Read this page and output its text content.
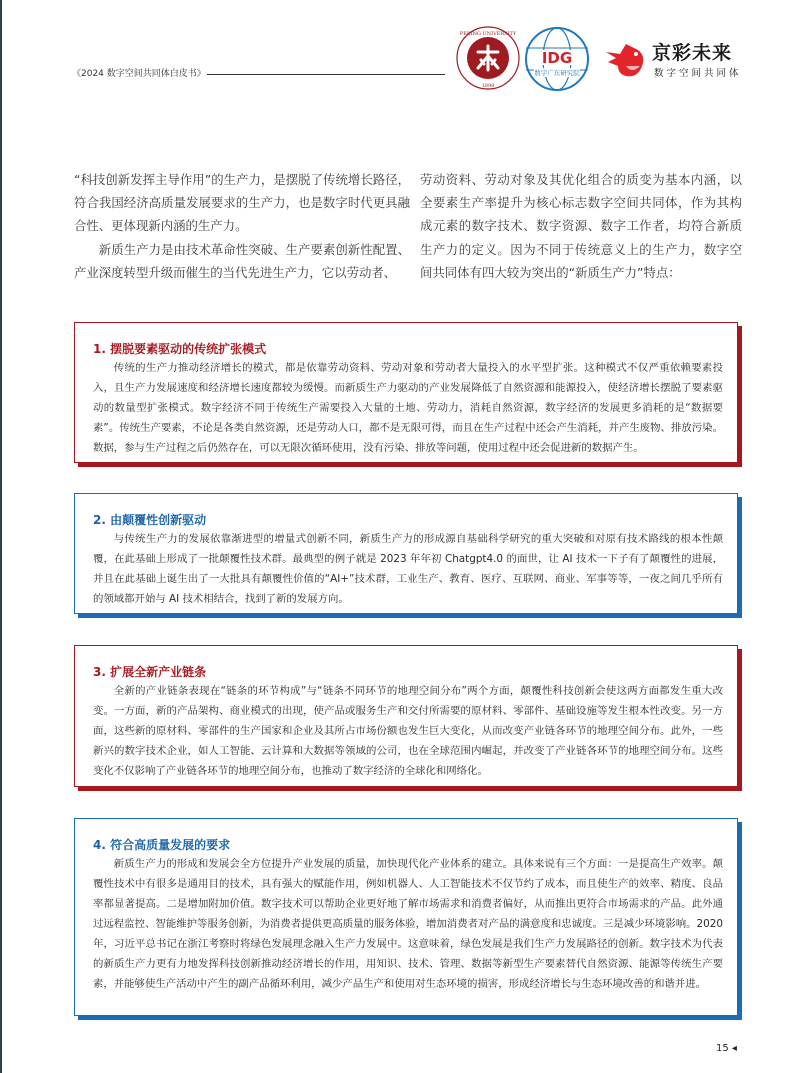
《2024 数字空间共同体白皮书》
PEKING UNIVERSITY
1898
IDG
数字广东研究院
京彩未来
数字空间共同体

“科技创新发挥主导作用”的生产力，是摆脱了传统增长路径，符合我国经济高质量发展要求的生产力，也是数字时代更具融合性、更体现新内涵的生产力。

新质生产力是由技术革命性突破、生产要素创新性配置、产业深度转型升级而催生的当代先进生产力，它以劳动者、

劳动资料、劳动对象及其优化组合的质变为基本内涵，以全要素生产率提升为核心标志数字空间共同体，作为其构成元素的数字技术、数字资源、数字工作者，均符合新质生产力的定义。因为不同于传统意义上的生产力，数字空间共同体有四大较为突出的“新质生产力”特点：

1. 摆脱要素驱动的传统扩张模式
传统的生产力推动经济增长的模式，都是依靠劳动资料、劳动对象和劳动者大量投入的水平型扩张。这种模式不仅严重依赖要素投入，且生产力发展速度和经济增长速度都较为缓慢。而新质生产力驱动的产业发展降低了自然资源和能源投入，使经济增长摆脱了要素驱动的数量型扩张模式。数字经济不同于传统生产需要投入大量的土地、劳动力，消耗自然资源，数字经济的发展更多消耗的是“数据要素”。传统生产要素，不论是各类自然资源，还是劳动人口，都不是无限可得，而且在生产过程中还会产生消耗，并产生废物、排放污染。数据，参与生产过程之后仍然存在，可以无限次循环使用，没有污染、排放等问题，使用过程中还会促进新的数据产生。
2. 由颠覆性创新驱动
与传统生产力的发展依靠渐进型的增量式创新不同，新质生产力的形成源自基础科学研究的重大突破和对原有技术路线的根本性颠覆，在此基础上形成了一批颠覆性技术群。最典型的例子就是 2023 年年初 Chatgpt4.0 的面世，让 AI 技术一下子有了颠覆性的进展，并且在此基础上诞生出了一大批具有颠覆性价值的“AI+”技术群，工业生产、教育、医疗、互联网、商业、军事等等，一夜之间几乎所有的领域都开始与 AI 技术相结合，找到了新的发展方向。
3. 扩展全新产业链条
全新的产业链条表现在“链条的环节构成”与“链条不同环节的地理空间分布”两个方面，颠覆性科技创新会使这两方面都发生重大改变。一方面，新的产品架构、商业模式的出现，使产品或服务生产和交付所需要的原材料、零部件、基础设施等发生根本性改变。另一方面，这些新的原材料、零部件的生产国家和企业及其所占市场份额也发生巨大变化，从而改变产业链各环节的地理空间分布。此外，一些新兴的数字技术企业，如人工智能、云计算和大数据等领域的公司，也在全球范围内崛起，并改变了产业链各环节的地理空间分布。这些变化不仅影响了产业链各环节的地理空间分布，也推动了数字经济的全球化和网络化。
4. 符合高质量发展的要求
新质生产力的形成和发展会全方位提升产业发展的质量，加快现代化产业体系的建立。具体来说有三个方面：一是提高生产效率。颠覆性技术中有很多是通用目的技术，具有强大的赋能作用，例如机器人、人工智能技术不仅节约了成本，而且使生产的效率、精度、良品率都显著提高。二是增加附加价值。数字技术可以帮助企业更好地了解市场需求和消费者偏好，从而推出更符合市场需求的产品。此外通过远程监控、智能维护等服务创新，为消费者提供更高质量的服务体验，增加消费者对产品的满意度和忠诚度。三是减少环境影响。2020 年，习近平总书记在浙江考察时将绿色发展理念融入生产力发展中。这意味着，绿色发展是我们生产力发展路径的创新。数字技术为代表的新质生产力更有力地发挥科技创新推动经济增长的作用，用知识、技术、管理、数据等新型生产要素替代自然资源、能源等传统生产要素，并能够使生产活动中产生的副产品循环利用，减少产品生产和使用对生态环境的损害，形成经济增长与生态环境改善的和谐并进。
15 ◂
